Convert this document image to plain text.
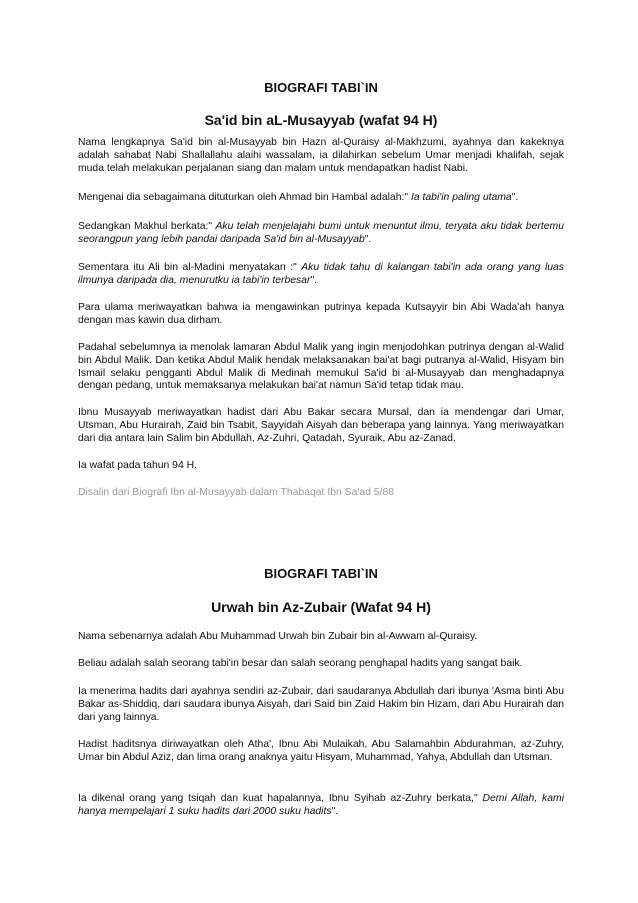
BIOGRAFI TABI`IN

Sa'id bin aL-Musayyab (wafat 94 H)

Nama lengkapnya Sa'id bin al-Musayyab bin Hazn al-Quraisy al-Makhzumi, ayahnya dan kakeknya adalah sahabat Nabi Shallallahu alaihi wassalam, ia dilahirkan sebelum Umar menjadi khalifah, sejak muda telah melakukan perjalanan siang dan malam untuk mendapatkan hadist Nabi.

Mengenai dia sebagaimana dituturkan oleh Ahmad bin Hambal adalah:" Ia tabi'in paling utama".

Sedangkan Makhul berkata:" Aku telah menjelajahi bumi untuk menuntut ilmu, teryata aku tidak bertemu seorangpun yang lebih pandai daripada Sa'id bin al-Musayyab".

Sementara itu Ali bin al-Madini menyatakan :" Aku tidak tahu di kalangan tabi'in ada orang yang luas ilmunya daripada dia, menurutku ia tabi'in terbesar".

Para ulama meriwayatkan bahwa ia mengawinkan putrinya kepada Kutsayyir bin Abi Wada'ah hanya dengan mas kawin dua dirham.

Padahal sebelumnya ia menolak lamaran Abdul Malik yang ingin menjodohkan putrinya dengan al-Walid bin Abdul Malik. Dan ketika Abdul Malik hendak melaksanakan bai'at bagi putranya al-Walid, Hisyam bin Ismail selaku pengganti Abdul Malik di Medinah memukul Sa'id bi al-Musayyab dan menghadapnya dengan pedang, untuk memaksanya melakukan bai'at namun Sa'id tetap tidak mau.

Ibnu Musayyab meriwayatkan hadist dari Abu Bakar secara Mursal, dan ia mendengar dari Umar, Utsman, Abu Hurairah, Zaid bin Tsabit, Sayyidah Aisyah dan beberapa yang lainnya. Yang meriwayatkan dari dia antara lain Salim bin Abdullah, Az-Zuhri, Qatadah, Syuraik, Abu az-Zanad.

Ia wafat pada tahun 94 H.

Disalin dari Biografi Ibn al-Musayyab dalam Thabaqat Ibn Sa'ad 5/88

BIOGRAFI TABI`IN

Urwah bin Az-Zubair (Wafat 94 H)

Nama sebenarnya adalah Abu Muhammad Urwah bin Zubair bin al-Awwam al-Quraisy.

Beliau adalah salah seorang tabi'in besar dan salah seorang penghapal hadits yang sangat baik.

Ia menerima hadits dari ayahnya sendiri az-Zubair, dari saudaranya Abdullah dari ibunya 'Asma binti Abu Bakar as-Shiddiq, dari saudara ibunya Aisyah, dari Said bin Zaid Hakim bin Hizam, dari Abu Hurairah dan dari yang lainnya.

Hadist haditsnya diriwayatkan oleh Atha', Ibnu Abi Mulaikah, Abu Salamahbin Abdurahman, az-Zuhry, Umar bin Abdul Aziz, dan lima orang anaknya yaitu Hisyam, Muhammad, Yahya, Abdullah dan Utsman.

Ia dikenal orang yang tsiqah dan kuat hapalannya, Ibnu Syihab az-Zuhry berkata," Demi Allah, kami hanya mempelajari 1 suku hadits dari 2000 suku hadits".
